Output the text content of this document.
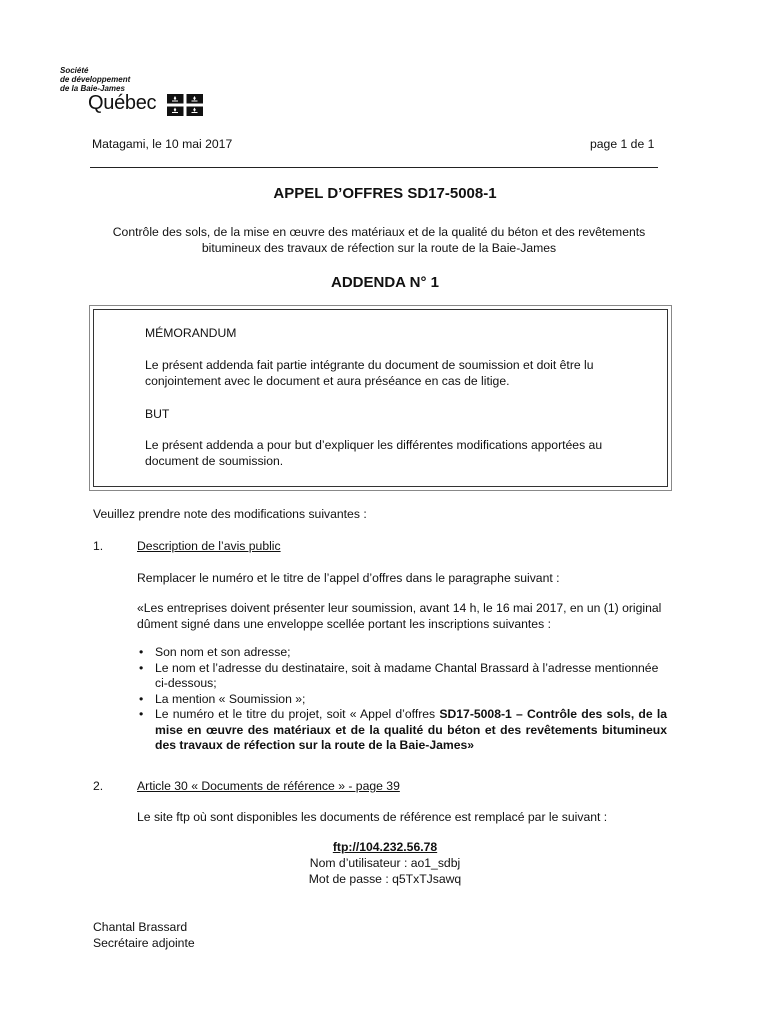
Société
de développement
de la Baie-James
Québec
Matagami, le 10 mai 2017	page 1 de 1
APPEL D’OFFRES SD17-5008-1
Contrôle des sols, de la mise en œuvre des matériaux et de la qualité du béton et des revêtements bitumineux des travaux de réfection sur la route de la Baie-James
ADDENDA N° 1
MÉMORANDUM
Le présent addenda fait partie intégrante du document de soumission et doit être lu conjointement avec le document et aura préséance en cas de litige.
BUT
Le présent addenda a pour but d’expliquer les différentes modifications apportées au document de soumission.
Veuillez prendre note des modifications suivantes :
1.	Description de l’avis public
Remplacer le numéro et le titre de l’appel d’offres dans le paragraphe suivant :
«Les entreprises doivent présenter leur soumission, avant 14 h, le 16 mai 2017, en un (1) original dûment signé dans une enveloppe scellée portant les inscriptions suivantes :
• Son nom et son adresse;
• Le nom et l’adresse du destinataire, soit à madame Chantal Brassard à l’adresse mentionnée ci-dessous;
• La mention « Soumission »;
• Le numéro et le titre du projet, soit « Appel d’offres SD17-5008-1 – Contrôle des sols, de la mise en œuvre des matériaux et de la qualité du béton et des revêtements bitumineux des travaux de réfection sur la route de la Baie-James»
2.	Article 30 « Documents de référence » - page 39
Le site ftp où sont disponibles les documents de référence est remplacé par le suivant :
ftp://104.232.56.78
Nom d’utilisateur : ao1_sdbj
Mot de passe : q5TxTJsawq
Chantal Brassard
Secrétaire adjointe
